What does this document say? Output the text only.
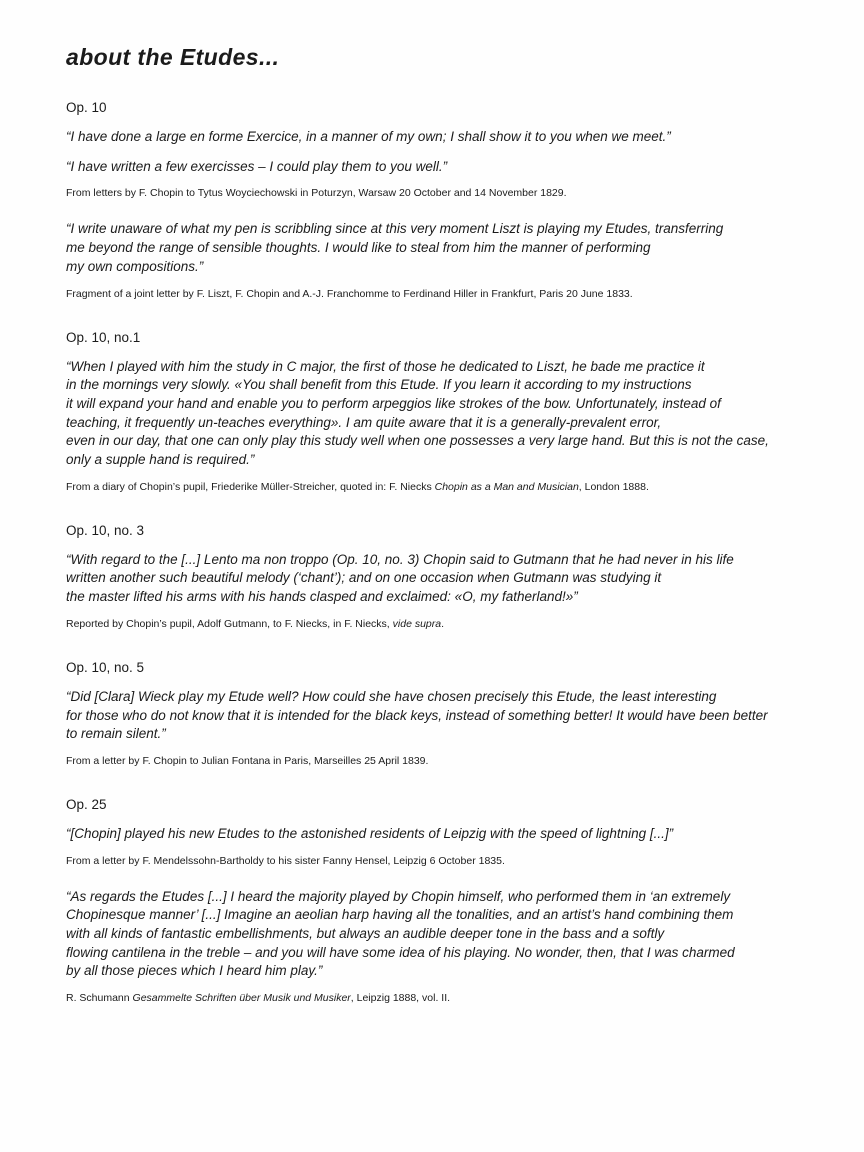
about the Etudes...
Op. 10
“I have done a large en forme Exercice, in a manner of my own; I shall show it to you when we meet.”
“I have written a few exercisses – I could play them to you well.”
From letters by F. Chopin to Tytus Woyciechowski in Poturzyn, Warsaw 20 October and 14 November 1829.
“I write unaware of what my pen is scribbling since at this very moment Liszt is playing my Etudes, transferring
me beyond the range of sensible thoughts. I would like to steal from him the manner of performing
my own compositions.”
Fragment of a joint letter by F. Liszt, F. Chopin and A.-J. Franchomme to Ferdinand Hiller in Frankfurt, Paris 20 June 1833.
Op. 10, no.1
“When I played with him the study in C major, the first of those he dedicated to Liszt, he bade me practice it
in the mornings very slowly. «You shall benefit from this Etude. If you learn it according to my instructions
it will expand your hand and enable you to perform arpeggios like strokes of the bow. Unfortunately, instead of
teaching, it frequently un-teaches everything». I am quite aware that it is a generally-prevalent error,
even in our day, that one can only play this study well when one possesses a very large hand. But this is not the case,
only a supple hand is required.”
From a diary of Chopin’s pupil, Friederike Müller-Streicher, quoted in: F. Niecks Chopin as a Man and Musician, London 1888.
Op. 10, no. 3
“With regard to the [...] Lento ma non troppo (Op. 10, no. 3) Chopin said to Gutmann that he had never in his life
written another such beautiful melody (‘chant’); and on one occasion when Gutmann was studying it
the master lifted his arms with his hands clasped and exclaimed: «O, my fatherland!»”
Reported by Chopin’s pupil, Adolf Gutmann, to F. Niecks, in F. Niecks, vide supra.
Op. 10, no. 5
“Did [Clara] Wieck play my Etude well? How could she have chosen precisely this Etude, the least interesting
for those who do not know that it is intended for the black keys, instead of something better! It would have been better
to remain silent.”
From a letter by F. Chopin to Julian Fontana in Paris, Marseilles 25 April 1839.
Op. 25
“[Chopin] played his new Etudes to the astonished residents of Leipzig with the speed of lightning [...]”
From a letter by F. Mendelssohn-Bartholdy to his sister Fanny Hensel, Leipzig 6 October 1835.
“As regards the Etudes [...] I heard the majority played by Chopin himself, who performed them in ‘an extremely
Chopinesque manner’ [...] Imagine an aeolian harp having all the tonalities, and an artist’s hand combining them
with all kinds of fantastic embellishments, but always an audible deeper tone in the bass and a softly
flowing cantilena in the treble – and you will have some idea of his playing. No wonder, then, that I was charmed
by all those pieces which I heard him play.”
R. Schumann Gesammelte Schriften über Musik und Musiker, Leipzig 1888, vol. II.
